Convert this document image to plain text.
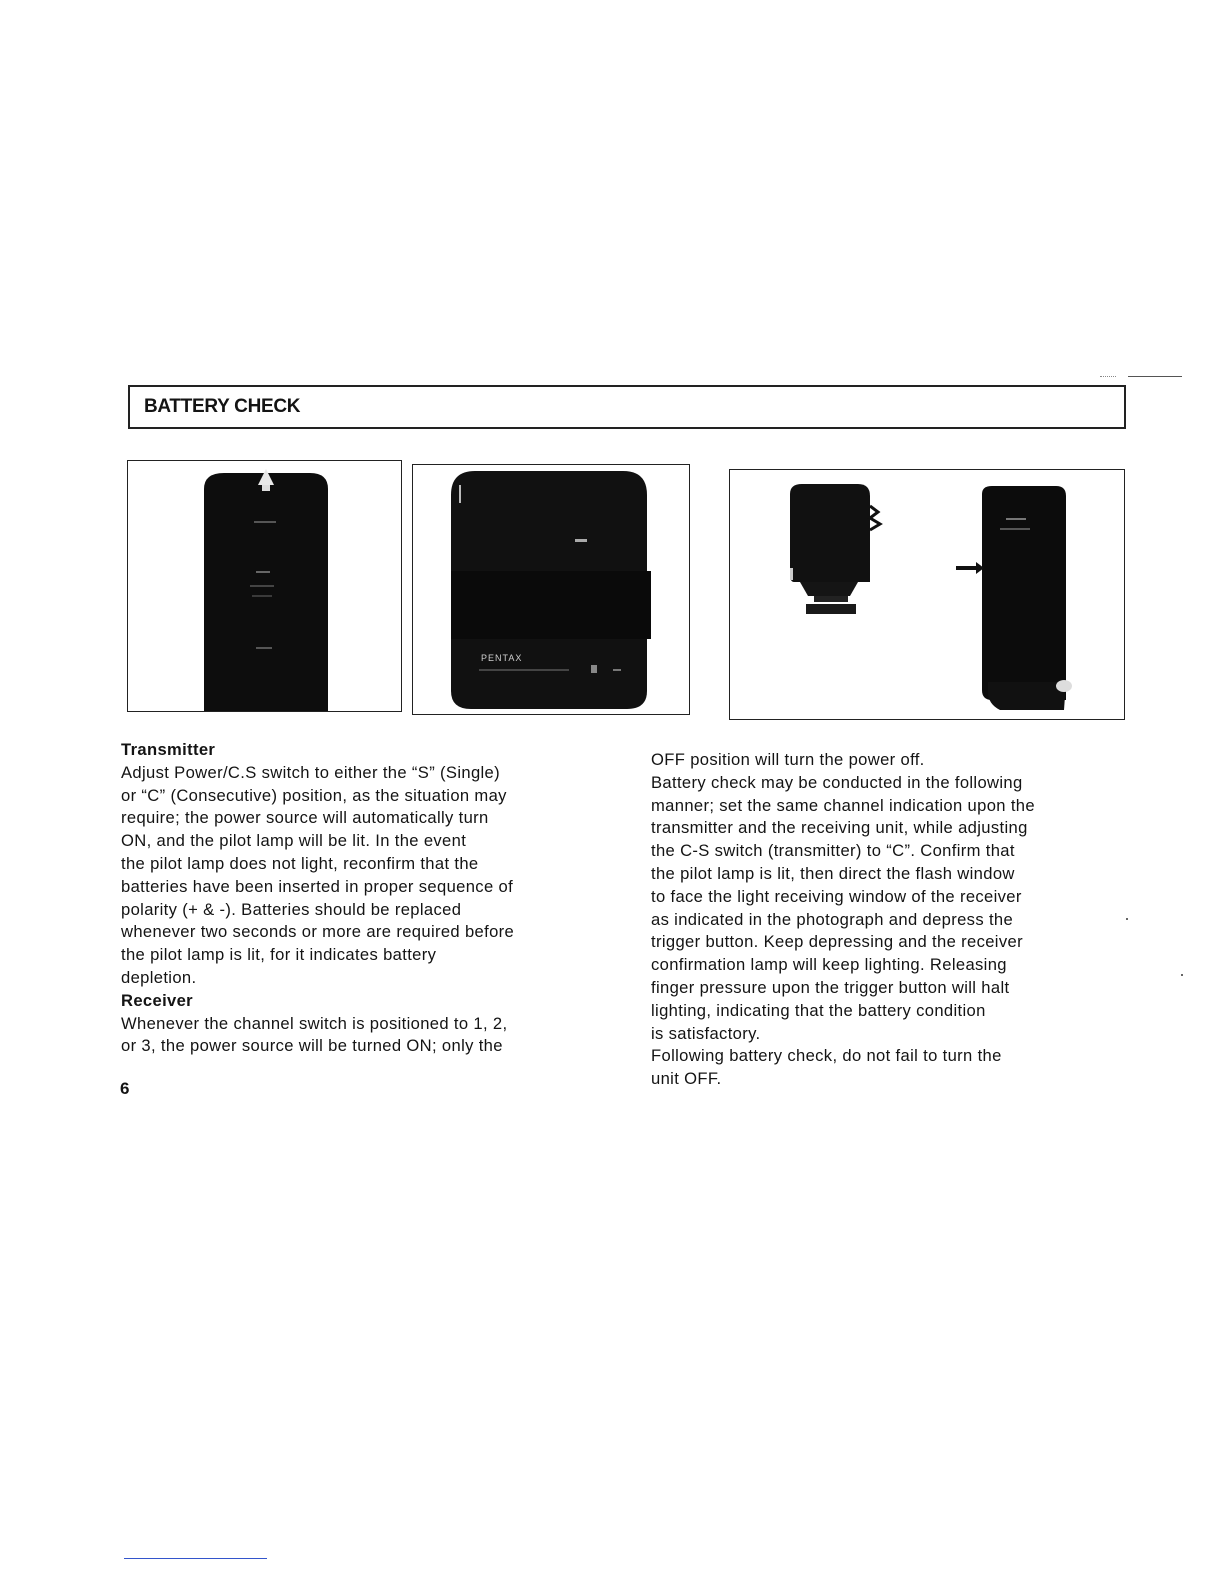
BATTERY CHECK
PENTAX

Transmitter

Adjust Power/C.S switch to either the “S” (Single)

or “C” (Consecutive) position, as the situation may

require; the power source will automatically turn

ON, and the pilot lamp will be lit. In the event

the pilot lamp does not light, reconfirm that the

batteries have been inserted in proper sequence of

polarity (+ & -). Batteries should be replaced

whenever two seconds or more are required before

the pilot lamp is lit, for it indicates battery

depletion.

Receiver

Whenever the channel switch is positioned to 1, 2,

or 3, the power source will be turned ON; only the

6

OFF position will turn the power off.

Battery check may be conducted in the following

manner; set the same channel indication upon the

transmitter and the receiving unit, while adjusting

the C-S switch (transmitter) to “C”. Confirm that

the pilot lamp is lit, then direct the flash window

to face the light receiving window of the receiver

as indicated in the photograph and depress the

trigger button. Keep depressing and the receiver

confirmation lamp will keep lighting. Releasing

finger pressure upon the trigger button will halt

lighting, indicating that the battery condition

is satisfactory.

Following battery check, do not fail to turn the

unit OFF.
